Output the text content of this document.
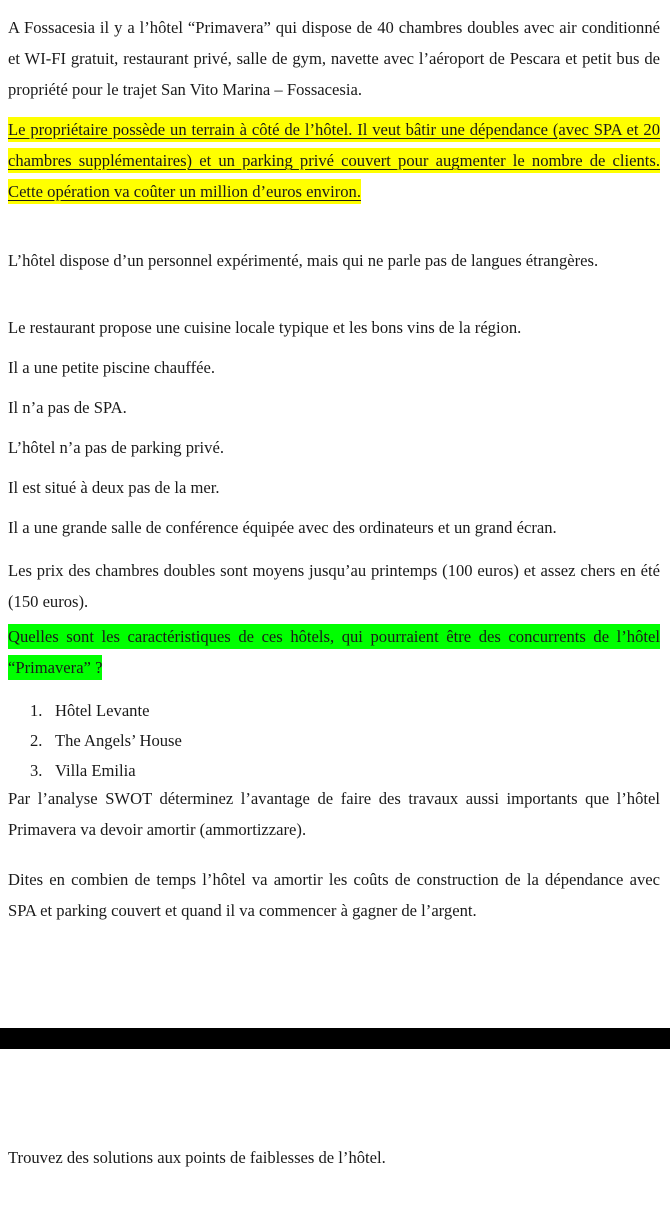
A Fossacesia il y a l’hôtel “Primavera” qui dispose de 40 chambres doubles avec air conditionné et WI-FI gratuit, restaurant privé, salle de gym, navette avec l’aéroport de Pescara et petit bus de propriété pour le trajet San Vito Marina – Fossacesia.

Le propriétaire possède un terrain à côté de l’hôtel. Il veut bâtir une dépendance (avec SPA et 20 chambres supplémentaires) et un parking privé couvert pour augmenter le nombre de clients. Cette opération va coûter un million d’euros environ.

L’hôtel dispose d’un personnel expérimenté, mais qui ne parle pas de langues étrangères.

Le restaurant propose une cuisine locale typique et les bons vins de la région.

Il a une petite piscine chauffée.

Il n’a pas de SPA.

L’hôtel n’a pas de parking privé.

Il est situé à deux pas de la mer.

Il a une grande salle de conférence équipée avec des ordinateurs et un grand écran.

Les prix des chambres doubles sont moyens jusqu’au printemps (100 euros) et assez chers en été (150 euros).

Quelles sont les caractéristiques de ces hôtels, qui pourraient être des concurrents de l’hôtel “Primavera” ?

1. Hôtel Levante
2. The Angels’ House
3. Villa Emilia

Par l’analyse SWOT déterminez l’avantage de faire des travaux aussi importants que l’hôtel Primavera va devoir amortir (ammortizzare).

Dites en combien de temps l’hôtel va amortir les coûts de construction de la dépendance avec SPA et parking couvert et quand il va commencer à gagner de l’argent.

Trouvez des solutions aux points de faiblesses de l’hôtel.
